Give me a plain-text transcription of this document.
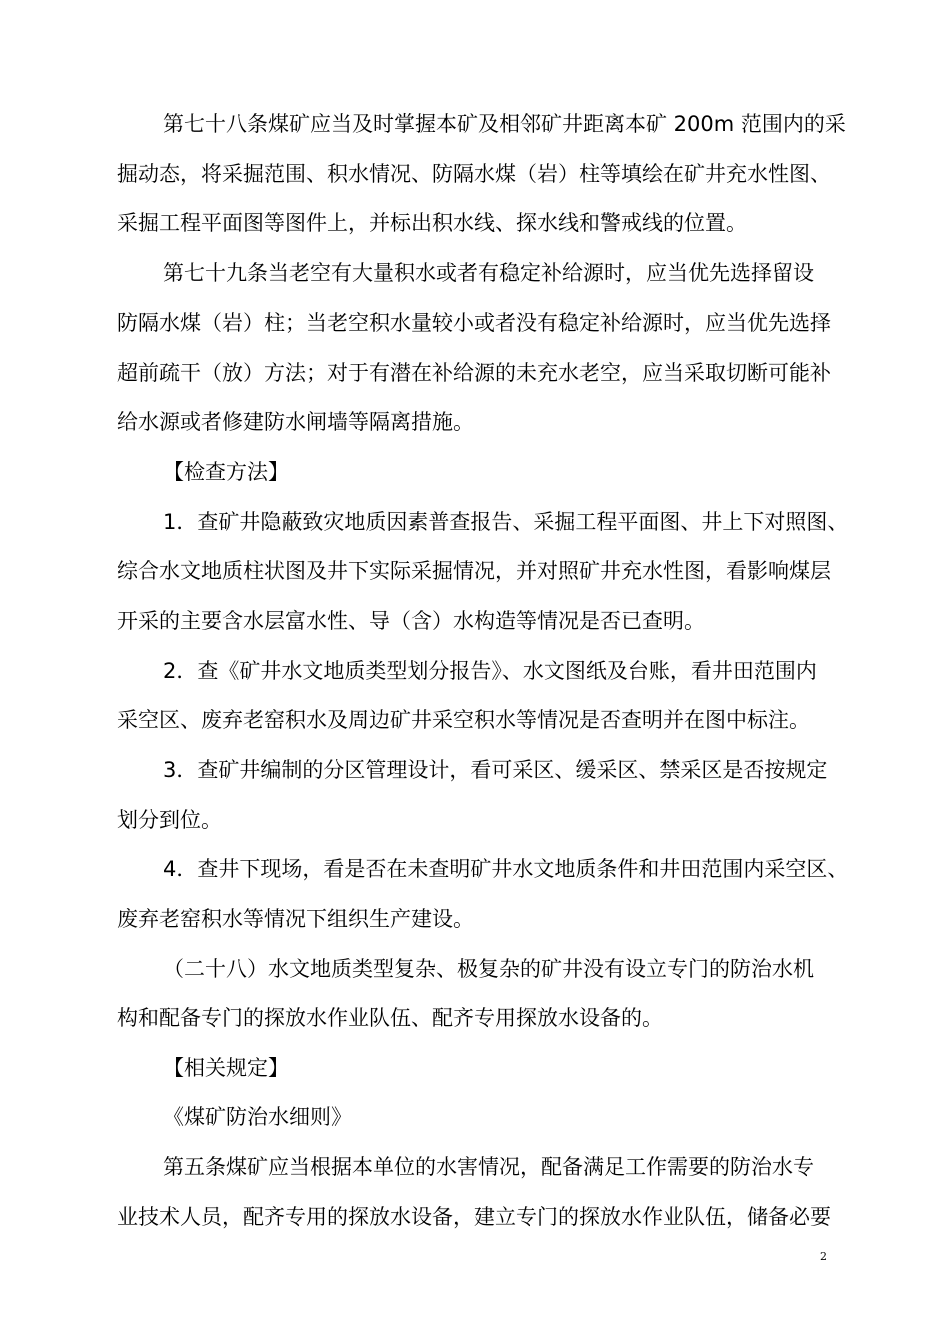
第七十八条煤矿应当及时掌握本矿及相邻矿井距离本矿 200m 范围内的采
掘动态，将采掘范围、积水情况、防隔水煤（岩）柱等填绘在矿井充水性图、
采掘工程平面图等图件上，并标出积水线、探水线和警戒线的位置。
第七十九条当老空有大量积水或者有稳定补给源时，应当优先选择留设
防隔水煤（岩）柱；当老空积水量较小或者没有稳定补给源时，应当优先选择
超前疏干（放）方法；对于有潜在补给源的未充水老空，应当采取切断可能补
给水源或者修建防水闸墙等隔离措施。
【检查方法】
1．查矿井隐蔽致灾地质因素普查报告、采掘工程平面图、井上下对照图、
综合水文地质柱状图及井下实际采掘情况，并对照矿井充水性图，看影响煤层
开采的主要含水层富水性、导（含）水构造等情况是否已查明。
2．查《矿井水文地质类型划分报告》、水文图纸及台账，看井田范围内
采空区、废弃老窑积水及周边矿井采空积水等情况是否查明并在图中标注。
3．查矿井编制的分区管理设计，看可采区、缓采区、禁采区是否按规定
划分到位。
4．查井下现场，看是否在未查明矿井水文地质条件和井田范围内采空区、
废弃老窑积水等情况下组织生产建设。
（二十八）水文地质类型复杂、极复杂的矿井没有设立专门的防治水机
构和配备专门的探放水作业队伍、配齐专用探放水设备的。
【相关规定】
《煤矿防治水细则》
第五条煤矿应当根据本单位的水害情况，配备满足工作需要的防治水专
业技术人员，配齐专用的探放水设备，建立专门的探放水作业队伍，储备必要
2
